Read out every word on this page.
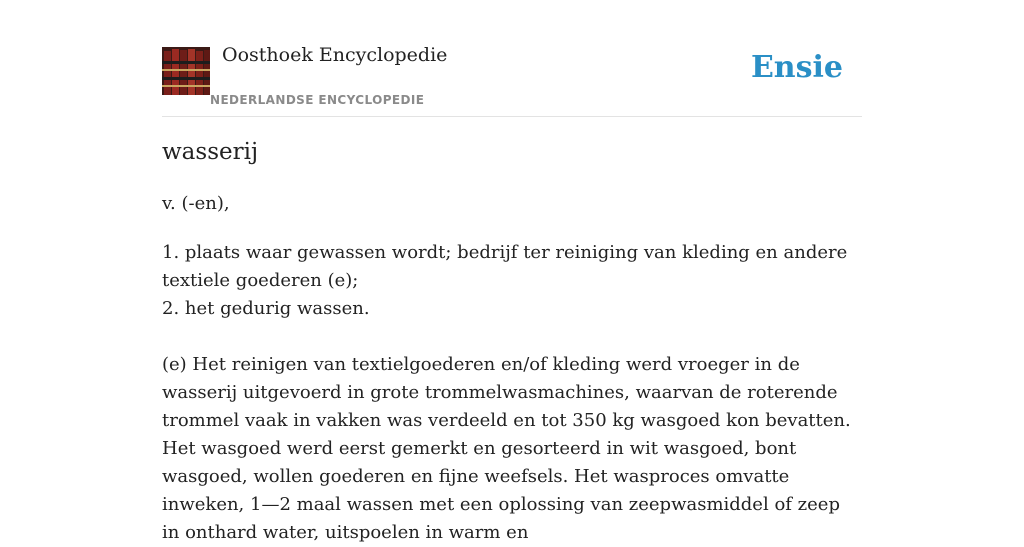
Oosthoek Encyclopedie
NEDERLANDSE ENCYCLOPEDIE
Ensie
wasserij
v. (-en),
1. plaats waar gewassen wordt; bedrijf ter reiniging van kleding en andere textiele goederen (e);
2. het gedurig wassen.
(e) Het reinigen van textielgoederen en/of kleding werd vroeger in de wasserij uitgevoerd in grote trommelwasmachines, waarvan de roterende trommel vaak in vakken was verdeeld en tot 350 kg wasgoed kon bevatten. Het wasgoed werd eerst gemerkt en gesorteerd in wit wasgoed, bont wasgoed, wollen goederen en fijne weefsels. Het wasproces omvatte inweken, 1—2 maal wassen met een oplossing van zeepwasmiddel of zeep in onthard water, uitspoelen in warm en
